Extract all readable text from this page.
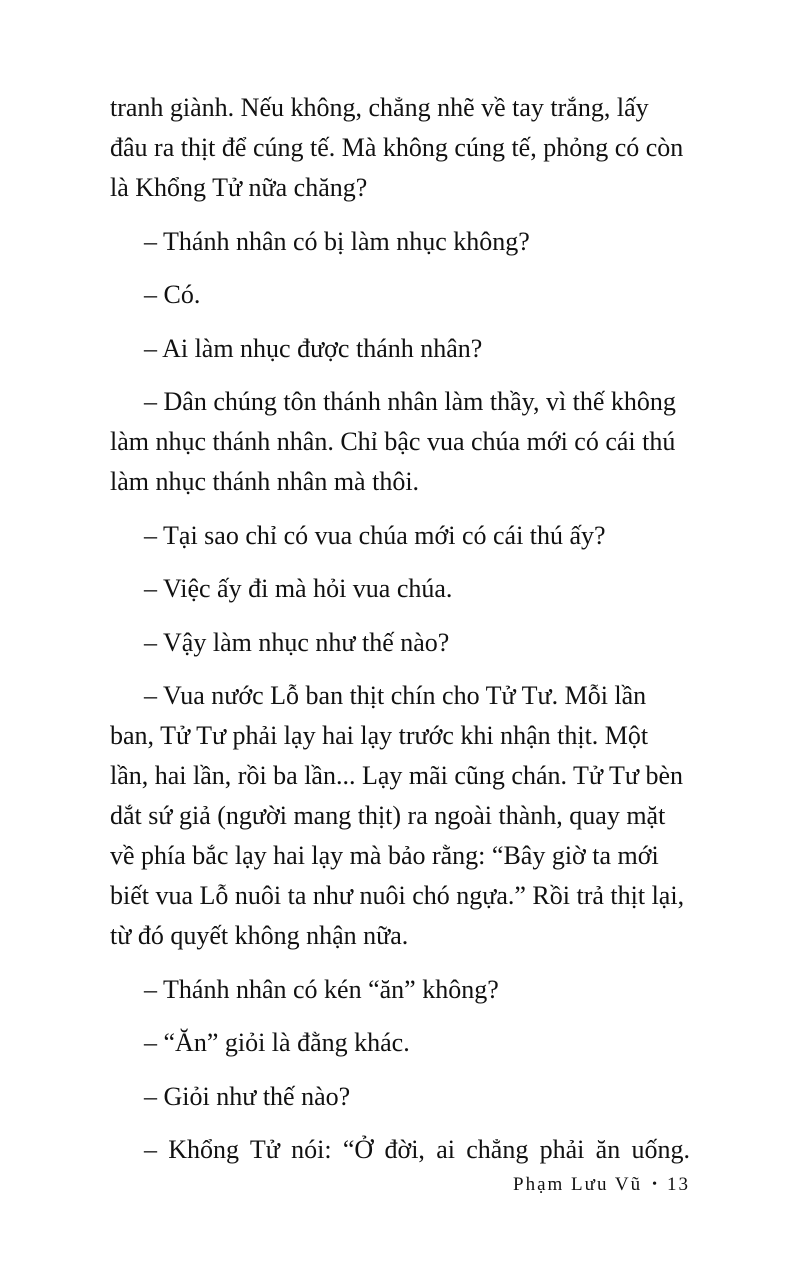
tranh giành. Nếu không, chẳng nhẽ về tay trắng, lấy đâu ra thịt để cúng tế. Mà không cúng tế, phỏng có còn là Khổng Tử nữa chăng?

– Thánh nhân có bị làm nhục không?

– Có.

– Ai làm nhục được thánh nhân?

– Dân chúng tôn thánh nhân làm thầy, vì thế không làm nhục thánh nhân. Chỉ bậc vua chúa mới có cái thú làm nhục thánh nhân mà thôi.

– Tại sao chỉ có vua chúa mới có cái thú ấy?

– Việc ấy đi mà hỏi vua chúa.

– Vậy làm nhục như thế nào?

– Vua nước Lỗ ban thịt chín cho Tử Tư. Mỗi lần ban, Tử Tư phải lạy hai lạy trước khi nhận thịt. Một lần, hai lần, rồi ba lần... Lạy mãi cũng chán. Tử Tư bèn dắt sứ giả (người mang thịt) ra ngoài thành, quay mặt về phía bắc lạy hai lạy mà bảo rằng: “Bây giờ ta mới biết vua Lỗ nuôi ta như nuôi chó ngựa.” Rồi trả thịt lại, từ đó quyết không nhận nữa.

– Thánh nhân có kén “ăn” không?

– “Ăn” giỏi là đằng khác.

– Giỏi như thế nào?

– Khổng Tử nói: “Ở đời, ai chẳng phải ăn uống.

Phạm Lưu Vũ • 13
